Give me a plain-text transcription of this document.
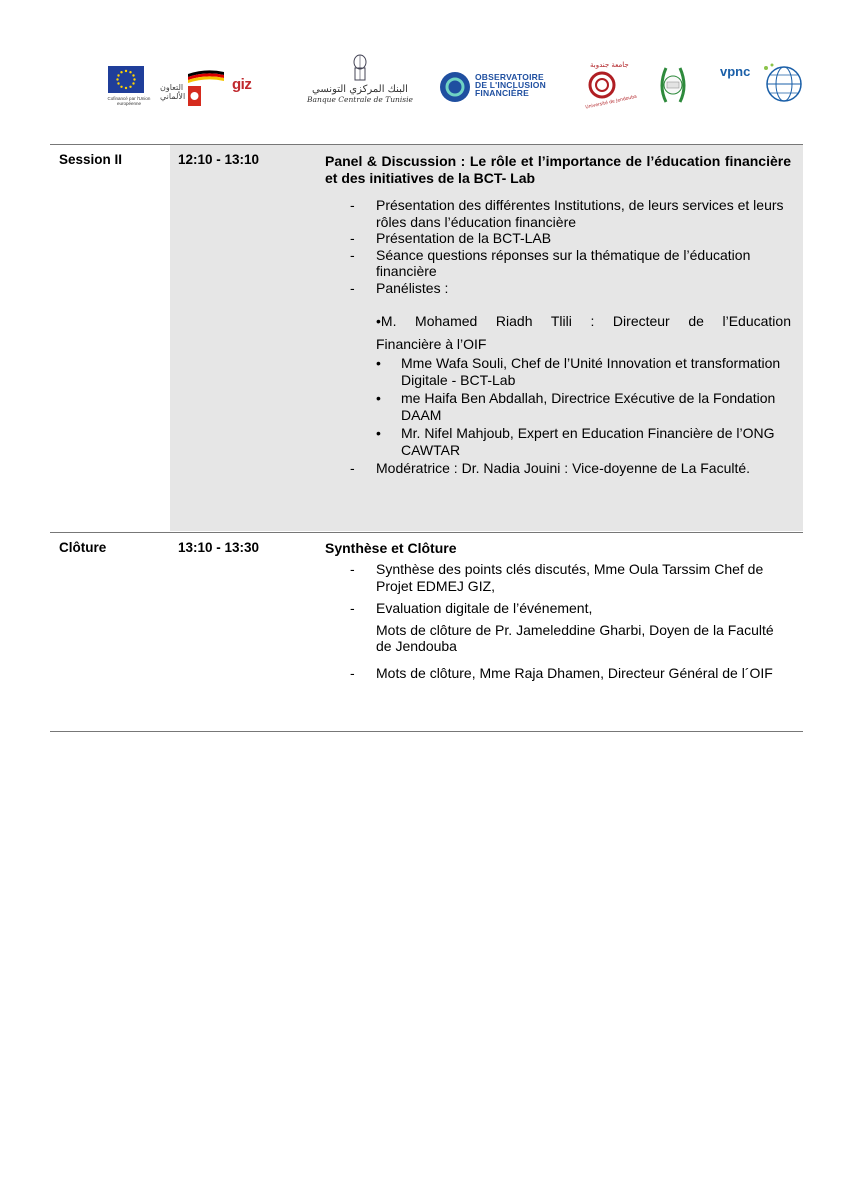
Cofinancé par l'Union européenne
التعاون
الألماني
giz	البنك المركزي التونسي
Banque Centrale de Tunisie
OBSERVATOIRE
DE L'INCLUSION
FINANCIÈRE
جامعة جندوبة
Université de Jendouba
vpnc
Session II	12:10 - 13:10	Panel & Discussion : Le rôle et l’importance de l’éducation financière et des initiatives de la BCT- Lab
- Présentation des différentes Institutions, de leurs services et leurs rôles dans l’éducation financière
- Présentation de la BCT-LAB
- Séance questions réponses sur la thématique de l’éducation financière
- Panélistes :
•M. Mohamed Riadh Tlili : Directeur de l’Education
Financière à l’OIF
• Mme Wafa Souli, Chef de l’Unité Innovation et transformation Digitale - BCT-Lab
• me Haifa Ben Abdallah, Directrice Exécutive de la Fondation DAAM
• Mr. Nifel Mahjoub, Expert en Education Financière de l’ONG CAWTAR
- Modératrice : Dr. Nadia Jouini : Vice-doyenne de La Faculté.
Clôture	13:10 - 13:30	Synthèse et Clôture
- Synthèse des points clés discutés, Mme Oula Tarssim Chef de Projet EDMEJ GIZ,
- Evaluation digitale de l’événement,
Mots de clôture de Pr. Jameleddine Gharbi, Doyen de la Faculté de Jendouba
- Mots de clôture, Mme Raja Dhamen, Directeur Général de l´OIF
